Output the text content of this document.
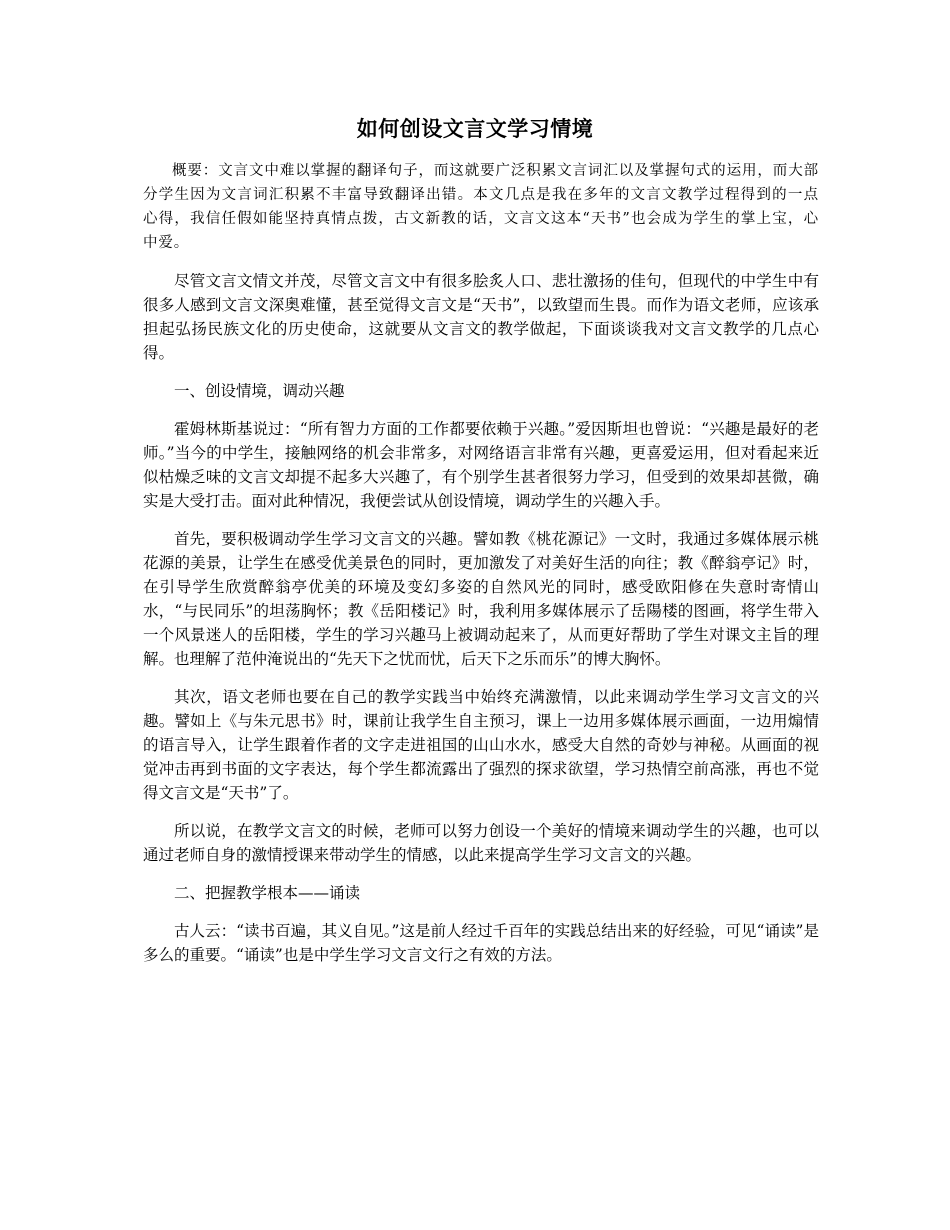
如何创设文言文学习情境

概要：文言文中难以掌握的翻译句子，而这就要广泛积累文言词汇以及掌握句式的运用，而大部分学生因为文言词汇积累不丰富导致翻译出错。本文几点是我在多年的文言文教学过程得到的一点心得，我信任假如能坚持真情点拨，古文新教的话，文言文这本“天书”也会成为学生的掌上宝，心中爱。

尽管文言文情文并茂，尽管文言文中有很多脍炙人口、悲壮激扬的佳句，但现代的中学生中有很多人感到文言文深奥难懂，甚至觉得文言文是“天书”，以致望而生畏。而作为语文老师，应该承担起弘扬民族文化的历史使命，这就要从文言文的教学做起，下面谈谈我对文言文教学的几点心得。

一、创设情境，调动兴趣

霍姆林斯基说过：“所有智力方面的工作都要依赖于兴趣。”爱因斯坦也曾说：“兴趣是最好的老师。”当今的中学生，接触网络的机会非常多，对网络语言非常有兴趣，更喜爱运用，但对看起来近似枯燥乏味的文言文却提不起多大兴趣了，有个别学生甚者很努力学习，但受到的效果却甚微，确实是大受打击。面对此种情况，我便尝试从创设情境，调动学生的兴趣入手。

首先，要积极调动学生学习文言文的兴趣。譬如教《桃花源记》一文时，我通过多媒体展示桃花源的美景，让学生在感受优美景色的同时，更加激发了对美好生活的向往；教《醉翁亭记》时，在引导学生欣赏醉翁亭优美的环境及变幻多姿的自然风光的同时，感受欧阳修在失意时寄情山水，“与民同乐”的坦荡胸怀；教《岳阳楼记》时，我利用多媒体展示了岳陽楼的图画，将学生带入一个风景迷人的岳阳楼，学生的学习兴趣马上被调动起来了，从而更好帮助了学生对课文主旨的理解。也理解了范仲淹说出的“先天下之忧而忧，后天下之乐而乐”的博大胸怀。

其次，语文老师也要在自己的教学实践当中始终充满激情，以此来调动学生学习文言文的兴趣。譬如上《与朱元思书》时，课前让我学生自主预习，课上一边用多媒体展示画面，一边用煽情的语言导入，让学生跟着作者的文字走进祖国的山山水水，感受大自然的奇妙与神秘。从画面的视觉冲击再到书面的文字表达，每个学生都流露出了强烈的探求欲望，学习热情空前高涨，再也不觉得文言文是“天书”了。

所以说，在教学文言文的时候，老师可以努力创设一个美好的情境来调动学生的兴趣，也可以通过老师自身的激情授课来带动学生的情感，以此来提高学生学习文言文的兴趣。

二、把握教学根本——诵读

古人云：“读书百遍，其义自见。”这是前人经过千百年的实践总结出来的好经验，可见“诵读”是多么的重要。“诵读”也是中学生学习文言文行之有效的方法。
